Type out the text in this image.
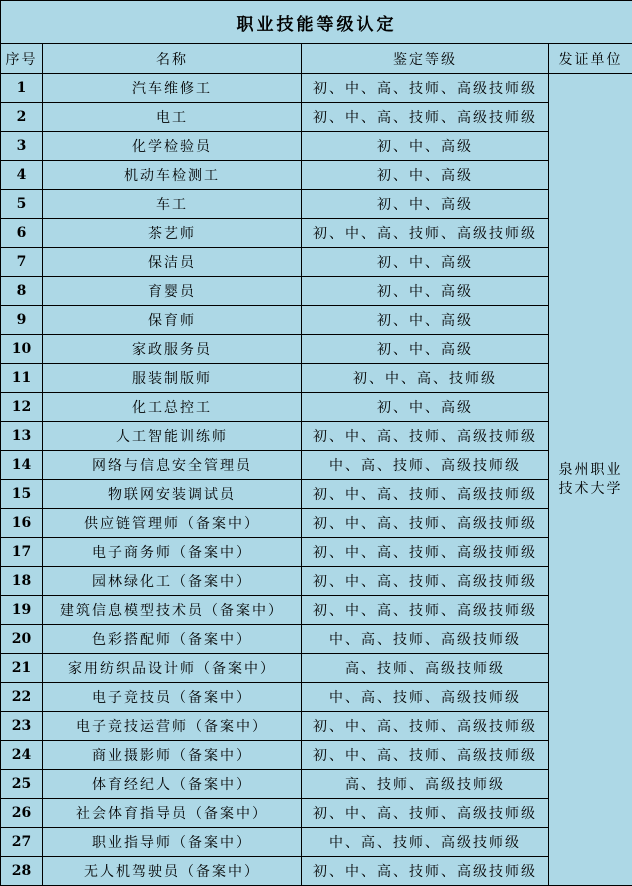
职业技能等级认定			
序号	名称	鉴定等级	发证单位
1	汽车维修工	初、中、高、技师、高级技师级	泉州职业技术大学
2	电工	初、中、高、技师、高级技师级	
3	化学检验员	初、中、高级	
4	机动车检测工	初、中、高级	
5	车工	初、中、高级	
6	茶艺师	初、中、高、技师、高级技师级	
7	保洁员	初、中、高级	
8	育婴员	初、中、高级	
9	保育师	初、中、高级	
10	家政服务员	初、中、高级	
11	服装制版师	初、中、高、技师级	
12	化工总控工	初、中、高级	
13	人工智能训练师	初、中、高、技师、高级技师级	
14	网络与信息安全管理员	中、高、技师、高级技师级	
15	物联网安装调试员	初、中、高、技师、高级技师级	
16	供应链管理师（备案中）	初、中、高、技师、高级技师级	
17	电子商务师（备案中）	初、中、高、技师、高级技师级	
18	园林绿化工（备案中）	初、中、高、技师、高级技师级	
19	建筑信息模型技术员（备案中）	初、中、高、技师、高级技师级	
20	色彩搭配师（备案中）	中、高、技师、高级技师级	
21	家用纺织品设计师（备案中）	高、技师、高级技师级	
22	电子竞技员（备案中）	中、高、技师、高级技师级	
23	电子竞技运营师（备案中）	初、中、高、技师、高级技师级	
24	商业摄影师（备案中）	初、中、高、技师、高级技师级	
25	体育经纪人（备案中）	高、技师、高级技师级	
26	社会体育指导员（备案中）	初、中、高、技师、高级技师级	
27	职业指导师（备案中）	中、高、技师、高级技师级	
28	无人机驾驶员（备案中）	初、中、高、技师、高级技师级	
